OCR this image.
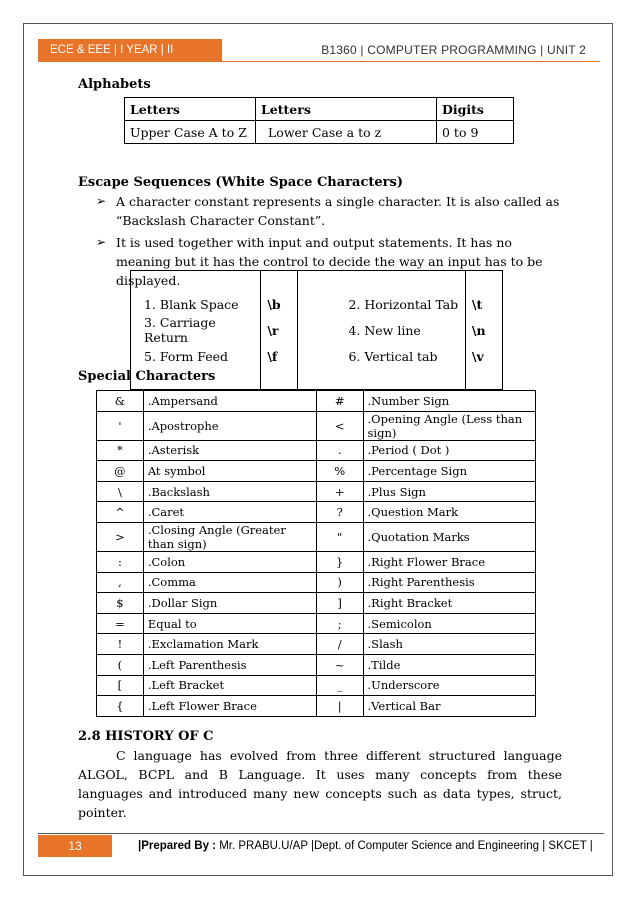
ECE & EEE | I YEAR | II SEMESTER
B1360 | COMPUTER PROGRAMMING | UNIT 2
Alphabets
Letters	Letters	Digits
Upper Case A to Z	Lower Case a to z	0 to 9
Escape Sequences (White Space Characters)
➢ A character constant represents a single character. It is also called as “Backslash Character Constant”.
➢ It is used together with input and output statements. It has no meaning but it has the control to decide the way an input has to be displayed.

1. Blank Space	\b	2. Horizontal Tab	\t
3. Carriage Return	\r	4. New line	\n
5. Form Feed	\f	6. Vertical tab	\v

Special Characters
&	.Ampersand	#	.Number Sign
'	.Apostrophe	<	.Opening Angle (Less than sign)
*	.Asterisk	.	.Period ( Dot )
@	At symbol	%	.Percentage Sign
\	.Backslash	+	.Plus Sign
^	.Caret	?	.Question Mark
>	.Closing Angle (Greater than sign)	"	.Quotation Marks
:	.Colon	}	.Right Flower Brace
,	.Comma	)	.Right Parenthesis
$	.Dollar Sign	]	.Right Bracket
=	Equal to	;	.Semicolon
!	.Exclamation Mark	/	.Slash
(	.Left Parenthesis	~	.Tilde
[	.Left Bracket	_	.Underscore
{	.Left Flower Brace	|	.Vertical Bar
2.8 HISTORY OF C
C language has evolved from three different structured language ALGOL, BCPL and B Language. It uses many concepts from these languages and introduced many new concepts such as data types, struct, pointer.
13	|Prepared By : Mr. PRABU.U/AP |Dept. of Computer Science and Engineering | SKCET |
